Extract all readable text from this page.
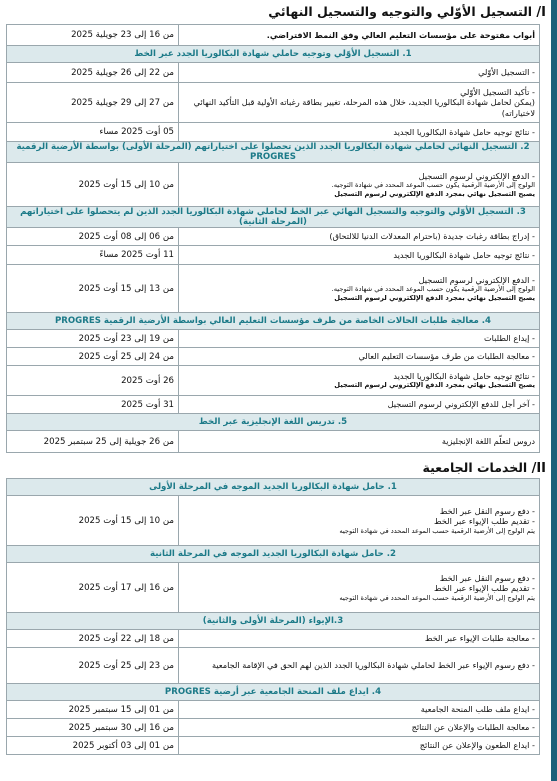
I/ التسجيل الأوّلي والتوجيه والتسجيل النهائي
أبواب مفتوحة على مؤسسات التعليم العالي وفق النمط الافتراضي.	من 16 إلى 23 جويلية 2025
1. التسجيل الأوّلي وتوجيه حاملي شهادة البكالوريا الجدد عبر الخط	
- التسجيل الأوّلي	من 22 إلى 26 جويلية 2025

- تأكيد التسجيل الأوّلي
(يمكن لحامل شهادة البكالوريا الجديد، خلال هذه المرحلة، تغيير بطاقة رغباته الأولية قبل التأكيد النهائي لاختياراته)	من 27 إلى 29 جويلية 2025
- نتائج توجيه حامل شهادة البكالوريا الجديد	05 أوت 2025 مساء
2. التسجيل النهائي لحاملي شهادة البكالوريا الجدد الذين تحصلوا على اختياراتهم (المرحلة الأولى) بواسطة الأرضية الرقمية PROGRES	

- الدفع الإلكتروني لرسوم التسجيل
الولوج إلى الأرضية الرقمية يكون حسب الموعد المحدد في شهادة التوجيه.
يصبح التسجيل نهائي بمجرد الدفع الإلكتروني لرسوم التسجيل	من 10 إلى 15 أوت 2025
3. التسجيل الأوّلي والتوجيه والتسجيل النهائي عبر الخط لحاملي شهادة البكالوريا الجدد الذين لم يتحصلوا على اختياراتهم (المرحلة الثانية)	
- إدراج بطاقة رغبات جديدة (باحترام المعدلات الدنيا للالتحاق)	من 06 إلى 08 أوت 2025
- نتائج توجيه حامل شهادة البكالوريا الجديد	11 أوت 2025 مساءً

- الدفع الإلكتروني لرسوم التسجيل
الولوج إلى الأرضية الرقمية يكون حسب الموعد المحدد في شهادة التوجيه.
يصبح التسجيل نهائي بمجرد الدفع الإلكتروني لرسوم التسجيل	من 13 إلى 15 أوت 2025
4. معالجة طلبات الحالات الخاصة من طرف مؤسسات التعليم العالي بواسطة الأرضية الرقمية PROGRES	
- إيداع الطلبات	من 19 إلى 23 أوت 2025
- معالجة الطلبات من طرف مؤسسات التعليم العالي	من 24 إلى 25 أوت 2025

- نتائج توجيه حامل شهادة البكالوريا الجديد
يصبح التسجيل نهائي بمجرد الدفع الإلكتروني لرسوم التسجيل	26 أوت 2025
- آخر أجل للدفع الإلكتروني لرسوم التسجيل	31 أوت 2025
5. تدريس اللغة الإنجليزية عبر الخط	
دروس لتعلّم اللغة الإنجليزية	من 26 جويلية إلى 25 سبتمبر 2025
II/ الخدمات الجامعية
1. حامل شهادة البكالوريا الجديد الموجه في المرحلة الأولى	

- دفع رسوم النقل عبر الخط
- تقديم طلب الإيواء عبر الخط
يتم الولوج إلى الأرضية الرقمية حسب الموعد المحدد في شهادة التوجيه	من 10 إلى 15 أوت 2025
2. حامل شهادة البكالوريا الجديد الموجه في المرحلة الثانية	

- دفع رسوم النقل عبر الخط
- تقديم طلب الإيواء عبر الخط
يتم الولوج إلى الأرضية الرقمية حسب الموعد المحدد في شهادة التوجيه	من 16 إلى 17 أوت 2025
3.الإيواء (المرحلة الأولى والثانية)	
- معالجة طلبات الإيواء عبر الخط	من 18 إلى 22 أوت 2025
- دفع رسوم الإيواء عبر الخط لحاملي شهادة البكالوريا الجدد الذين لهم الحق في الإقامة الجامعية	من 23 إلى 25 أوت 2025
4. ايداع ملف المنحة الجامعية عبر أرضية PROGRES	
- ايداع ملف طلب المنحة الجامعية	من 01 إلى 15 سبتمبر 2025
- معالجة الطلبات والإعلان عن النتائج	من 16 إلى 30 سبتمبر 2025
- ايداع الطعون والإعلان عن النتائج	من 01 إلى 03 أكتوبر 2025
